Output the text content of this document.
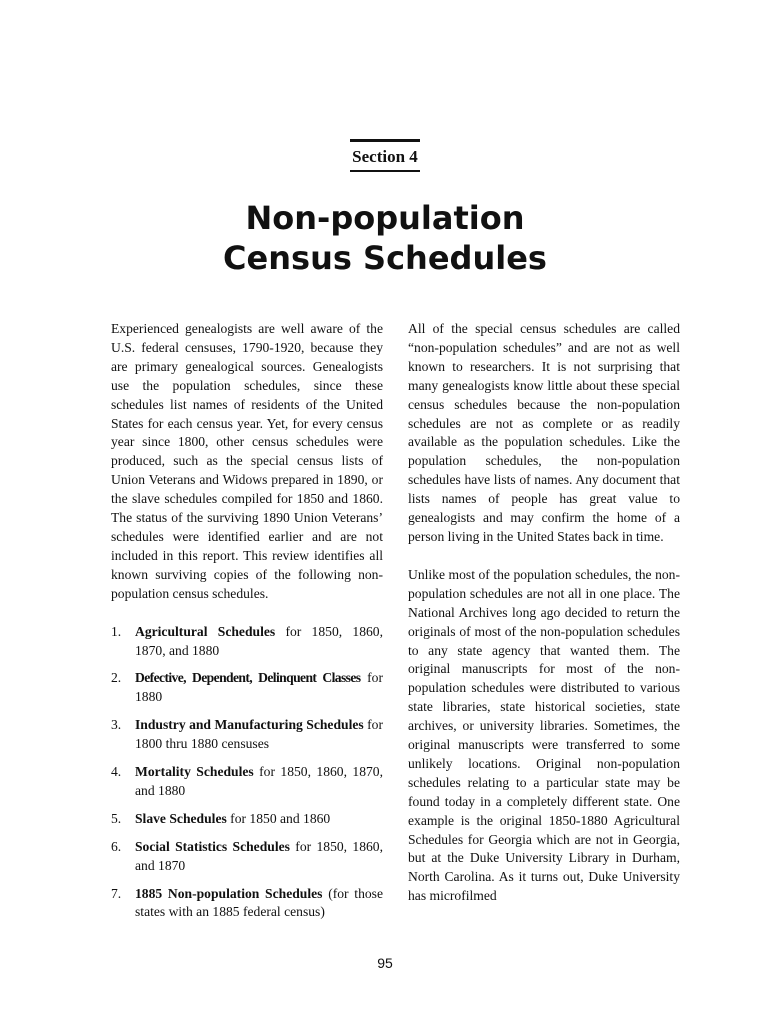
Section 4
Non-population
Census Schedules

Experienced genealogists are well aware of the U.S. federal censuses, 1790-1920, because they are primary genealogical sources. Genealogists use the population schedules, since these schedules list names of residents of the United States for each census year. Yet, for every census year since 1800, other census schedules were produced, such as the special census lists of Union Veterans and Widows prepared in 1890, or the slave schedules compiled for 1850 and 1860. The status of the surviving 1890 Union Veterans’ schedules were identified earlier and are not included in this report. This review identifies all known surviving copies of the following non-population census schedules.

1. Agricultural Schedules for 1850, 1860, 1870, and 1880
2. Defective, Dependent, Delinquent Classes for 1880
3. Industry and Manufacturing Schedules for 1800 thru 1880 censuses
4. Mortality Schedules for 1850, 1860, 1870, and 1880
5. Slave Schedules for 1850 and 1860
6. Social Statistics Schedules for 1850, 1860, and 1870
7. 1885 Non-population Schedules (for those states with an 1885 federal census)

All of the special census schedules are called “non-population schedules” and are not as well known to researchers. It is not surprising that many genealogists know little about these special census schedules because the non-population schedules are not as complete or as readily available as the population schedules. Like the population schedules, the non-population schedules have lists of names. Any document that lists names of people has great value to genealogists and may confirm the home of a person living in the United States back in time.

Unlike most of the population schedules, the non-population schedules are not all in one place. The National Archives long ago decided to return the originals of most of the non-population schedules to any state agency that wanted them. The original manuscripts for most of the non-population schedules were distributed to various state libraries, state historical societies, state archives, or university libraries. Sometimes, the original manuscripts were transferred to some unlikely locations. Original non-population schedules relating to a particular state may be found today in a completely different state. One example is the original 1850-1880 Agricultural Schedules for Georgia which are not in Georgia, but at the Duke University Library in Durham, North Carolina. As it turns out, Duke University has microfilmed

95
